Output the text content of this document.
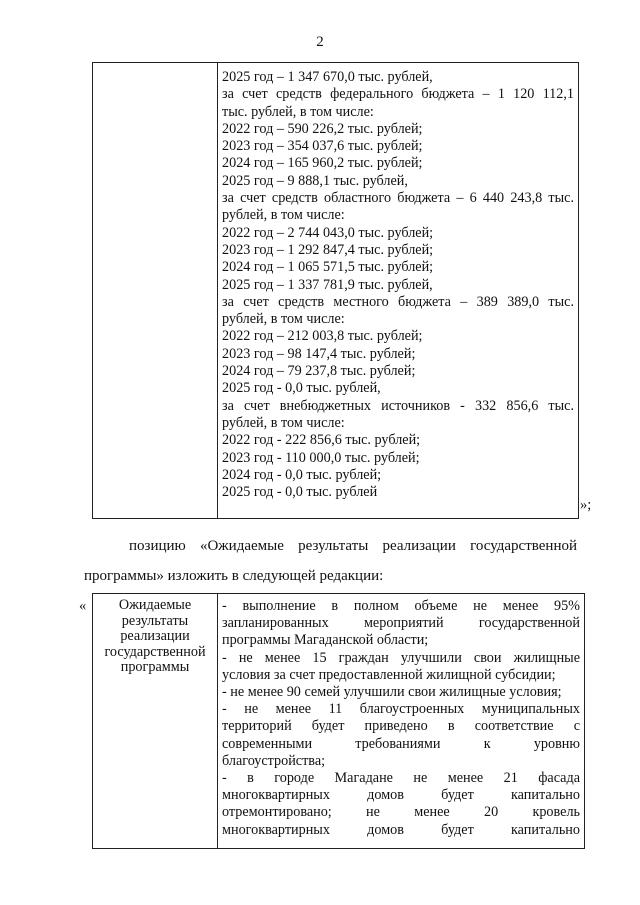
2
2025 год – 1 347 670,0 тыс. рублей,
за счет средств федерального бюджета – 1 120 112,1
тыс. рублей, в том числе:
2022 год – 590 226,2 тыс. рублей;
2023 год – 354 037,6 тыс. рублей;
2024 год – 165 960,2 тыс. рублей;
2025 год – 9 888,1 тыс. рублей,
за счет средств областного бюджета – 6 440 243,8 тыс.
рублей, в том числе:
2022 год – 2 744 043,0 тыс. рублей;
2023 год – 1 292 847,4 тыс. рублей;
2024 год – 1 065 571,5 тыс. рублей;
2025 год – 1 337 781,9 тыс. рублей,
за счет средств местного бюджета – 389 389,0 тыс.
рублей, в том числе:
2022 год – 212 003,8 тыс. рублей;
2023 год – 98 147,4 тыс. рублей;
2024 год – 79 237,8 тыс. рублей;
2025 год - 0,0 тыс. рублей,
за счет внебюджетных источников - 332 856,6 тыс.
рублей, в том числе:
2022 год - 222 856,6 тыс. рублей;
2023 год - 110 000,0 тыс. рублей;
2024 год - 0,0 тыс. рублей;
2025 год - 0,0 тыс. рублей
»;
позицию «Ожидаемые результаты реализации государственной
программы» изложить в следующей редакции:
«	Ожидаемые
результаты
реализации
государственной
программы
- выполнение в полном объеме не менее 95%
запланированных мероприятий государственной
программы Магаданской области;
- не менее 15 граждан улучшили свои жилищные
условия за счет предоставленной жилищной субсидии;
- не менее 90 семей улучшили свои жилищные условия;
- не менее 11 благоустроенных муниципальных
территорий будет приведено в соответствие с
современными требованиями к уровню
благоустройства;
- в городе Магадане не менее 21 фасада
многоквартирных домов будет капитально
отремонтировано; не менее 20 кровель
многоквартирных домов будет капитально
